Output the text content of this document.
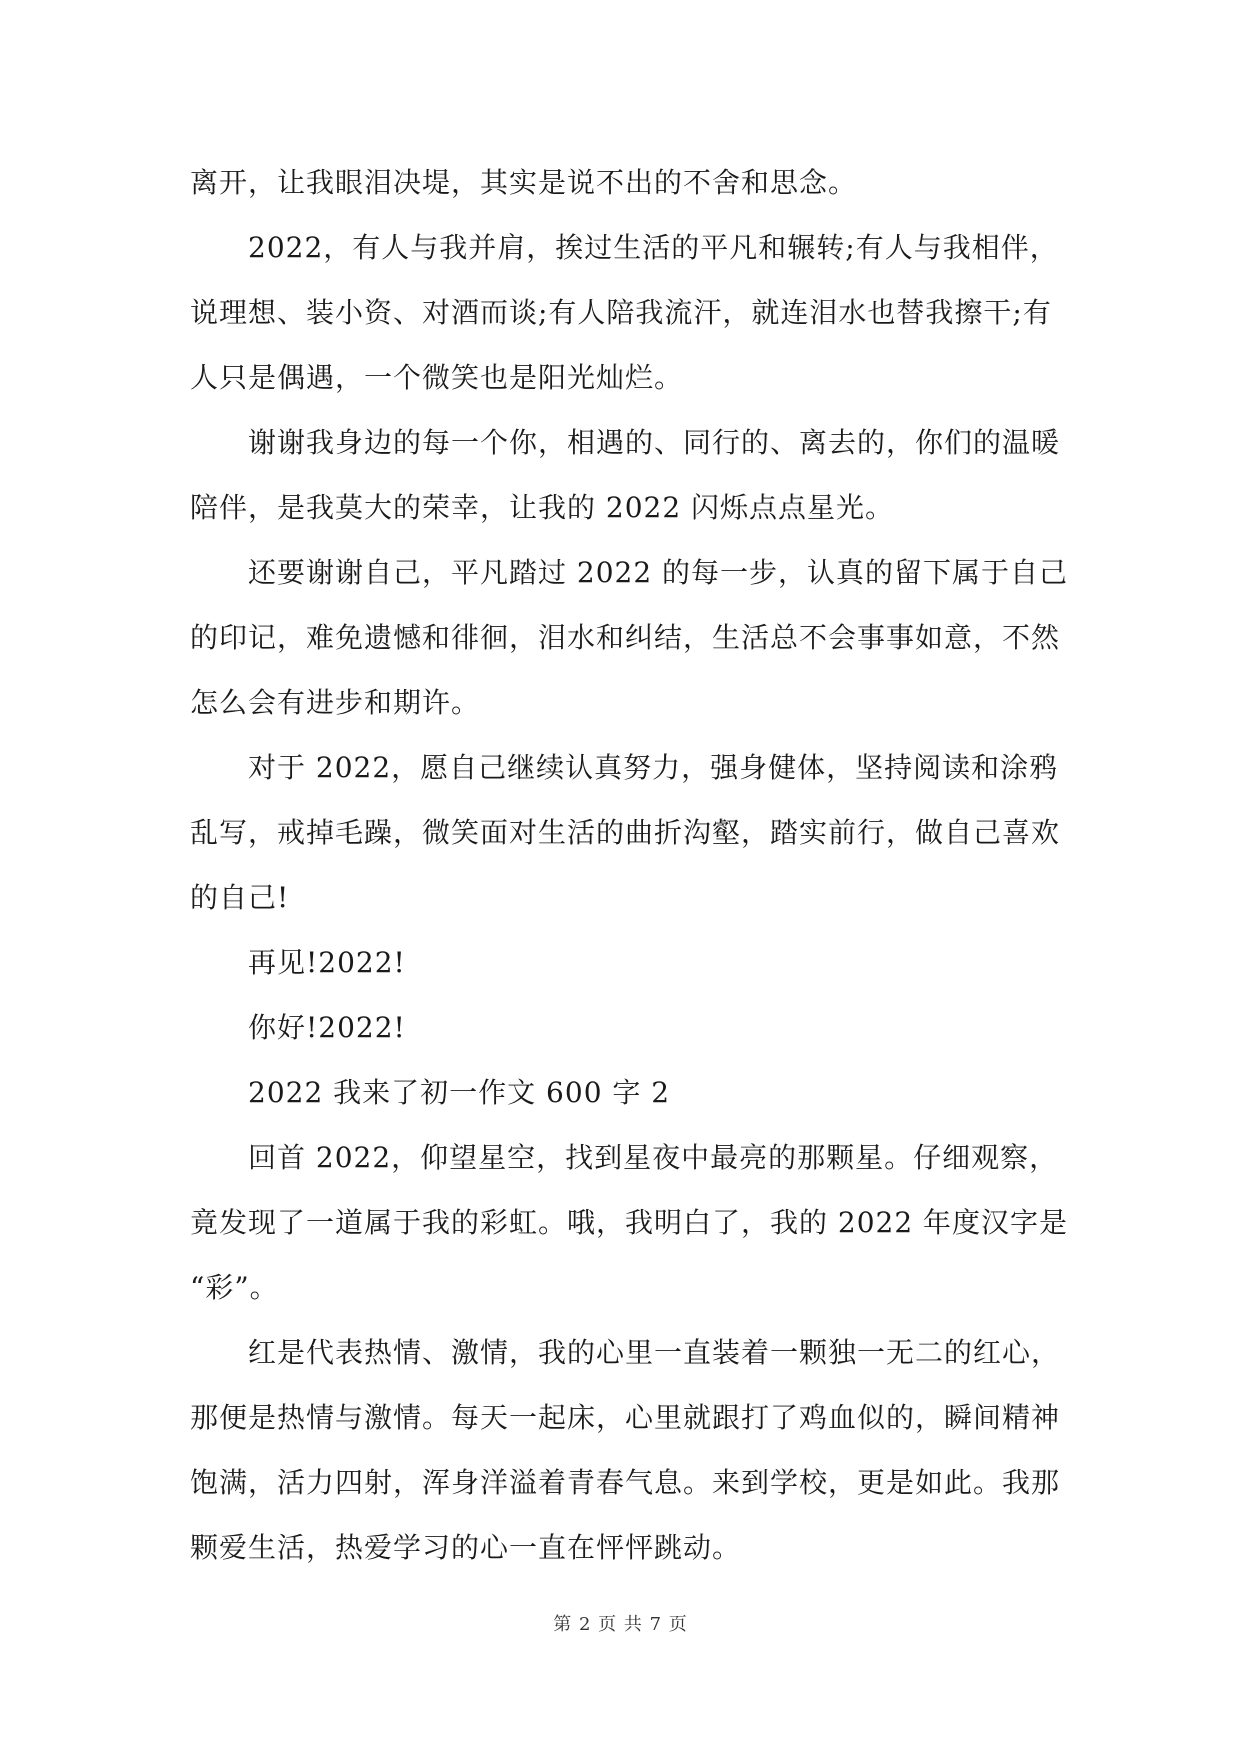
离开，让我眼泪决堤，其实是说不出的不舍和思念。
2022，有人与我并肩，挨过生活的平凡和辗转;有人与我相伴，
说理想、装小资、对酒而谈;有人陪我流汗，就连泪水也替我擦干;有
人只是偶遇，一个微笑也是阳光灿烂。
谢谢我身边的每一个你，相遇的、同行的、离去的，你们的温暖
陪伴，是我莫大的荣幸，让我的 2022 闪烁点点星光。
还要谢谢自己，平凡踏过 2022 的每一步，认真的留下属于自己
的印记，难免遗憾和徘徊，泪水和纠结，生活总不会事事如意，不然
怎么会有进步和期许。
对于 2022，愿自己继续认真努力，强身健体，坚持阅读和涂鸦
乱写，戒掉毛躁，微笑面对生活的曲折沟壑，踏实前行，做自己喜欢
的自己!
再见!2022!
你好!2022!
2022 我来了初一作文 600 字 2
回首 2022，仰望星空，找到星夜中最亮的那颗星。仔细观察，
竟发现了一道属于我的彩虹。哦，我明白了，我的 2022 年度汉字是
“彩”。
红是代表热情、激情，我的心里一直装着一颗独一无二的红心，
那便是热情与激情。每天一起床，心里就跟打了鸡血似的，瞬间精神
饱满，活力四射，浑身洋溢着青春气息。来到学校，更是如此。我那
颗爱生活，热爱学习的心一直在怦怦跳动。
第 2 页 共 7 页
